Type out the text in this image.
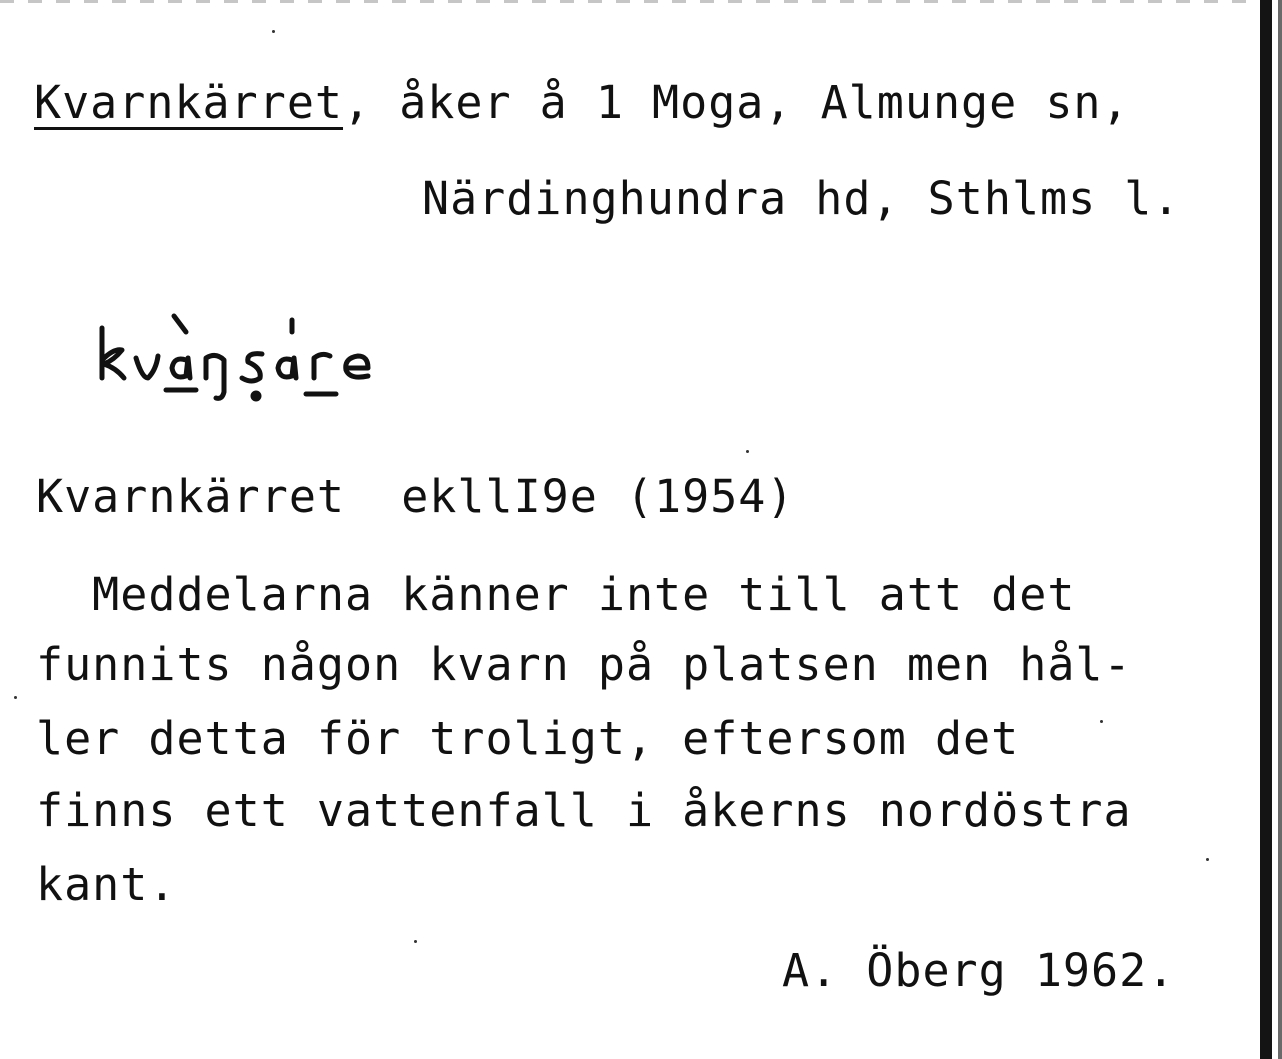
Kvarnkärret, åker å 1 Moga, Almunge sn,
Närdinghundra hd, Sthlms l.
Kvarnkärret  ekllI9e (1954)
Meddelarna känner inte till att det
funnits någon kvarn på platsen men hål-
ler detta för troligt, eftersom det
finns ett vattenfall i åkerns nordöstra
kant.
A. Öberg 1962.
